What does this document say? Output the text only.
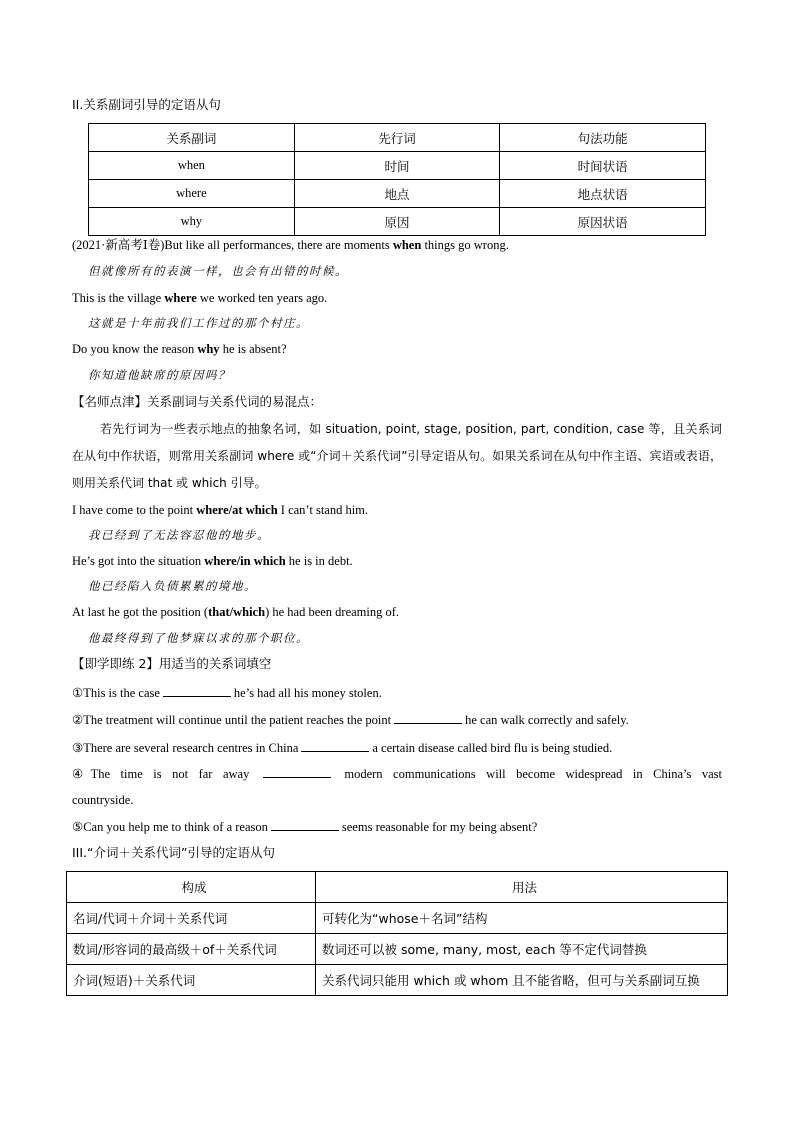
II.关系副词引导的定语从句
关系副词	先行词	句法功能
when	时间	时间状语
where	地点	地点状语
why	原因	原因状语
(2021·新高考Ⅰ卷)But like all performances, there are moments when things go wrong.
但就像所有的表演一样，也会有出错的时候。
This is the village where we worked ten years ago.
这就是十年前我们工作过的那个村庄。
Do you know the reason why he is absent?
你知道他缺席的原因吗？
【名师点津】关系副词与关系代词的易混点：
若先行词为一些表示地点的抽象名词，如 situation, point, stage, position, part, condition, case 等，且关系词在从句中作状语，则常用关系副词 where 或“介词＋关系代词”引导定语从句。如果关系词在从句中作主语、宾语或表语，则用关系代词 that 或 which 引导。
I have come to the point where/at which I can’t stand him.
我已经到了无法容忍他的地步。
He’s got into the situation where/in which he is in debt.
他已经陷入负债累累的境地。
At last he got the position (that/which) he had been dreaming of.
他最终得到了他梦寐以求的那个职位。
【即学即练 2】用适当的关系词填空
①This is the case	he’s had all his money stolen.
②The treatment will continue until the patient reaches the point	he can walk correctly and safely.
③There are several research centres in China	a certain disease called bird flu is being studied.
④The time is not far away	modern communications will become widespread in China’s vast
countryside.
⑤Can you help me to think of a reason	seems reasonable for my being absent?
III.“介词＋关系代词”引导的定语从句
构成	用法
名词/代词＋介词＋关系代词	可转化为“whose＋名词”结构
数词/形容词的最高级＋of＋关系代词	数词还可以被 some, many, most, each 等不定代词替换
介词(短语)＋关系代词	关系代词只能用 which 或 whom 且不能省略，但可与关系副词互换
